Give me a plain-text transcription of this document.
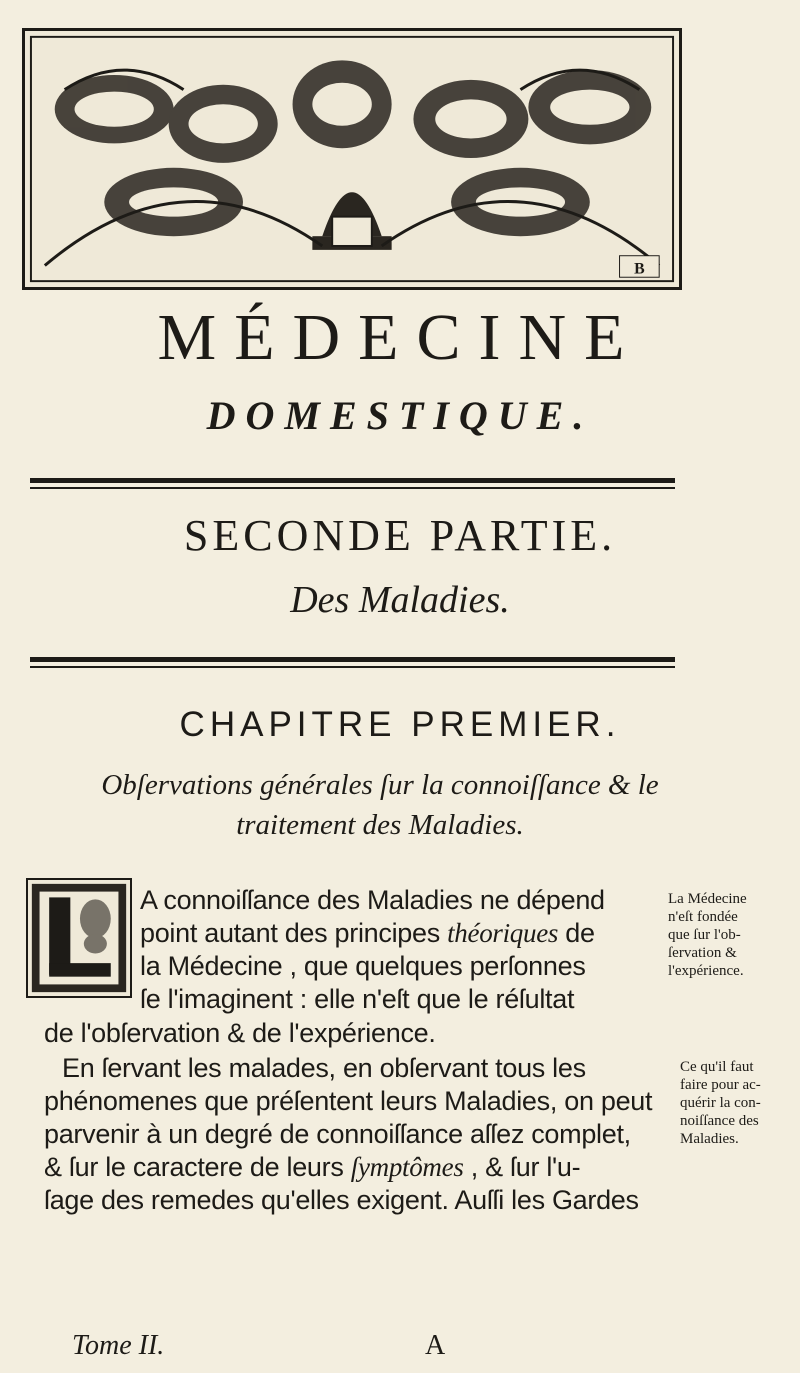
B
MÉDECINE
DOMESTIQUE.
SECONDE PARTIE.
Des Maladies.
CHAPITRE PREMIER.
Obſervations générales ſur la connoiſſance & le
traitement des Maladies.
A connoiſſance des Maladies ne dépend
point autant des principes théoriques de
la Médecine , que quelques perſonnes
ſe l'imaginent : elle n'eſt que le réſultat
de l'obſervation & de l'expérience.
La Médecine
n'eſt fondée
que ſur l'ob-
ſervation &
l'expérience.
En ſervant les malades, en obſervant tous les
phénomenes que préſentent leurs Maladies, on peut
parvenir à un degré de connoiſſance aſſez complet,
& ſur le caractere de leurs ſymptômes , & ſur l'u-
ſage des remedes qu'elles exigent. Auſſi les Gardes
Ce qu'il faut
faire pour ac-
quérir la con-
noiſſance des
Maladies.
Tome II.	A
